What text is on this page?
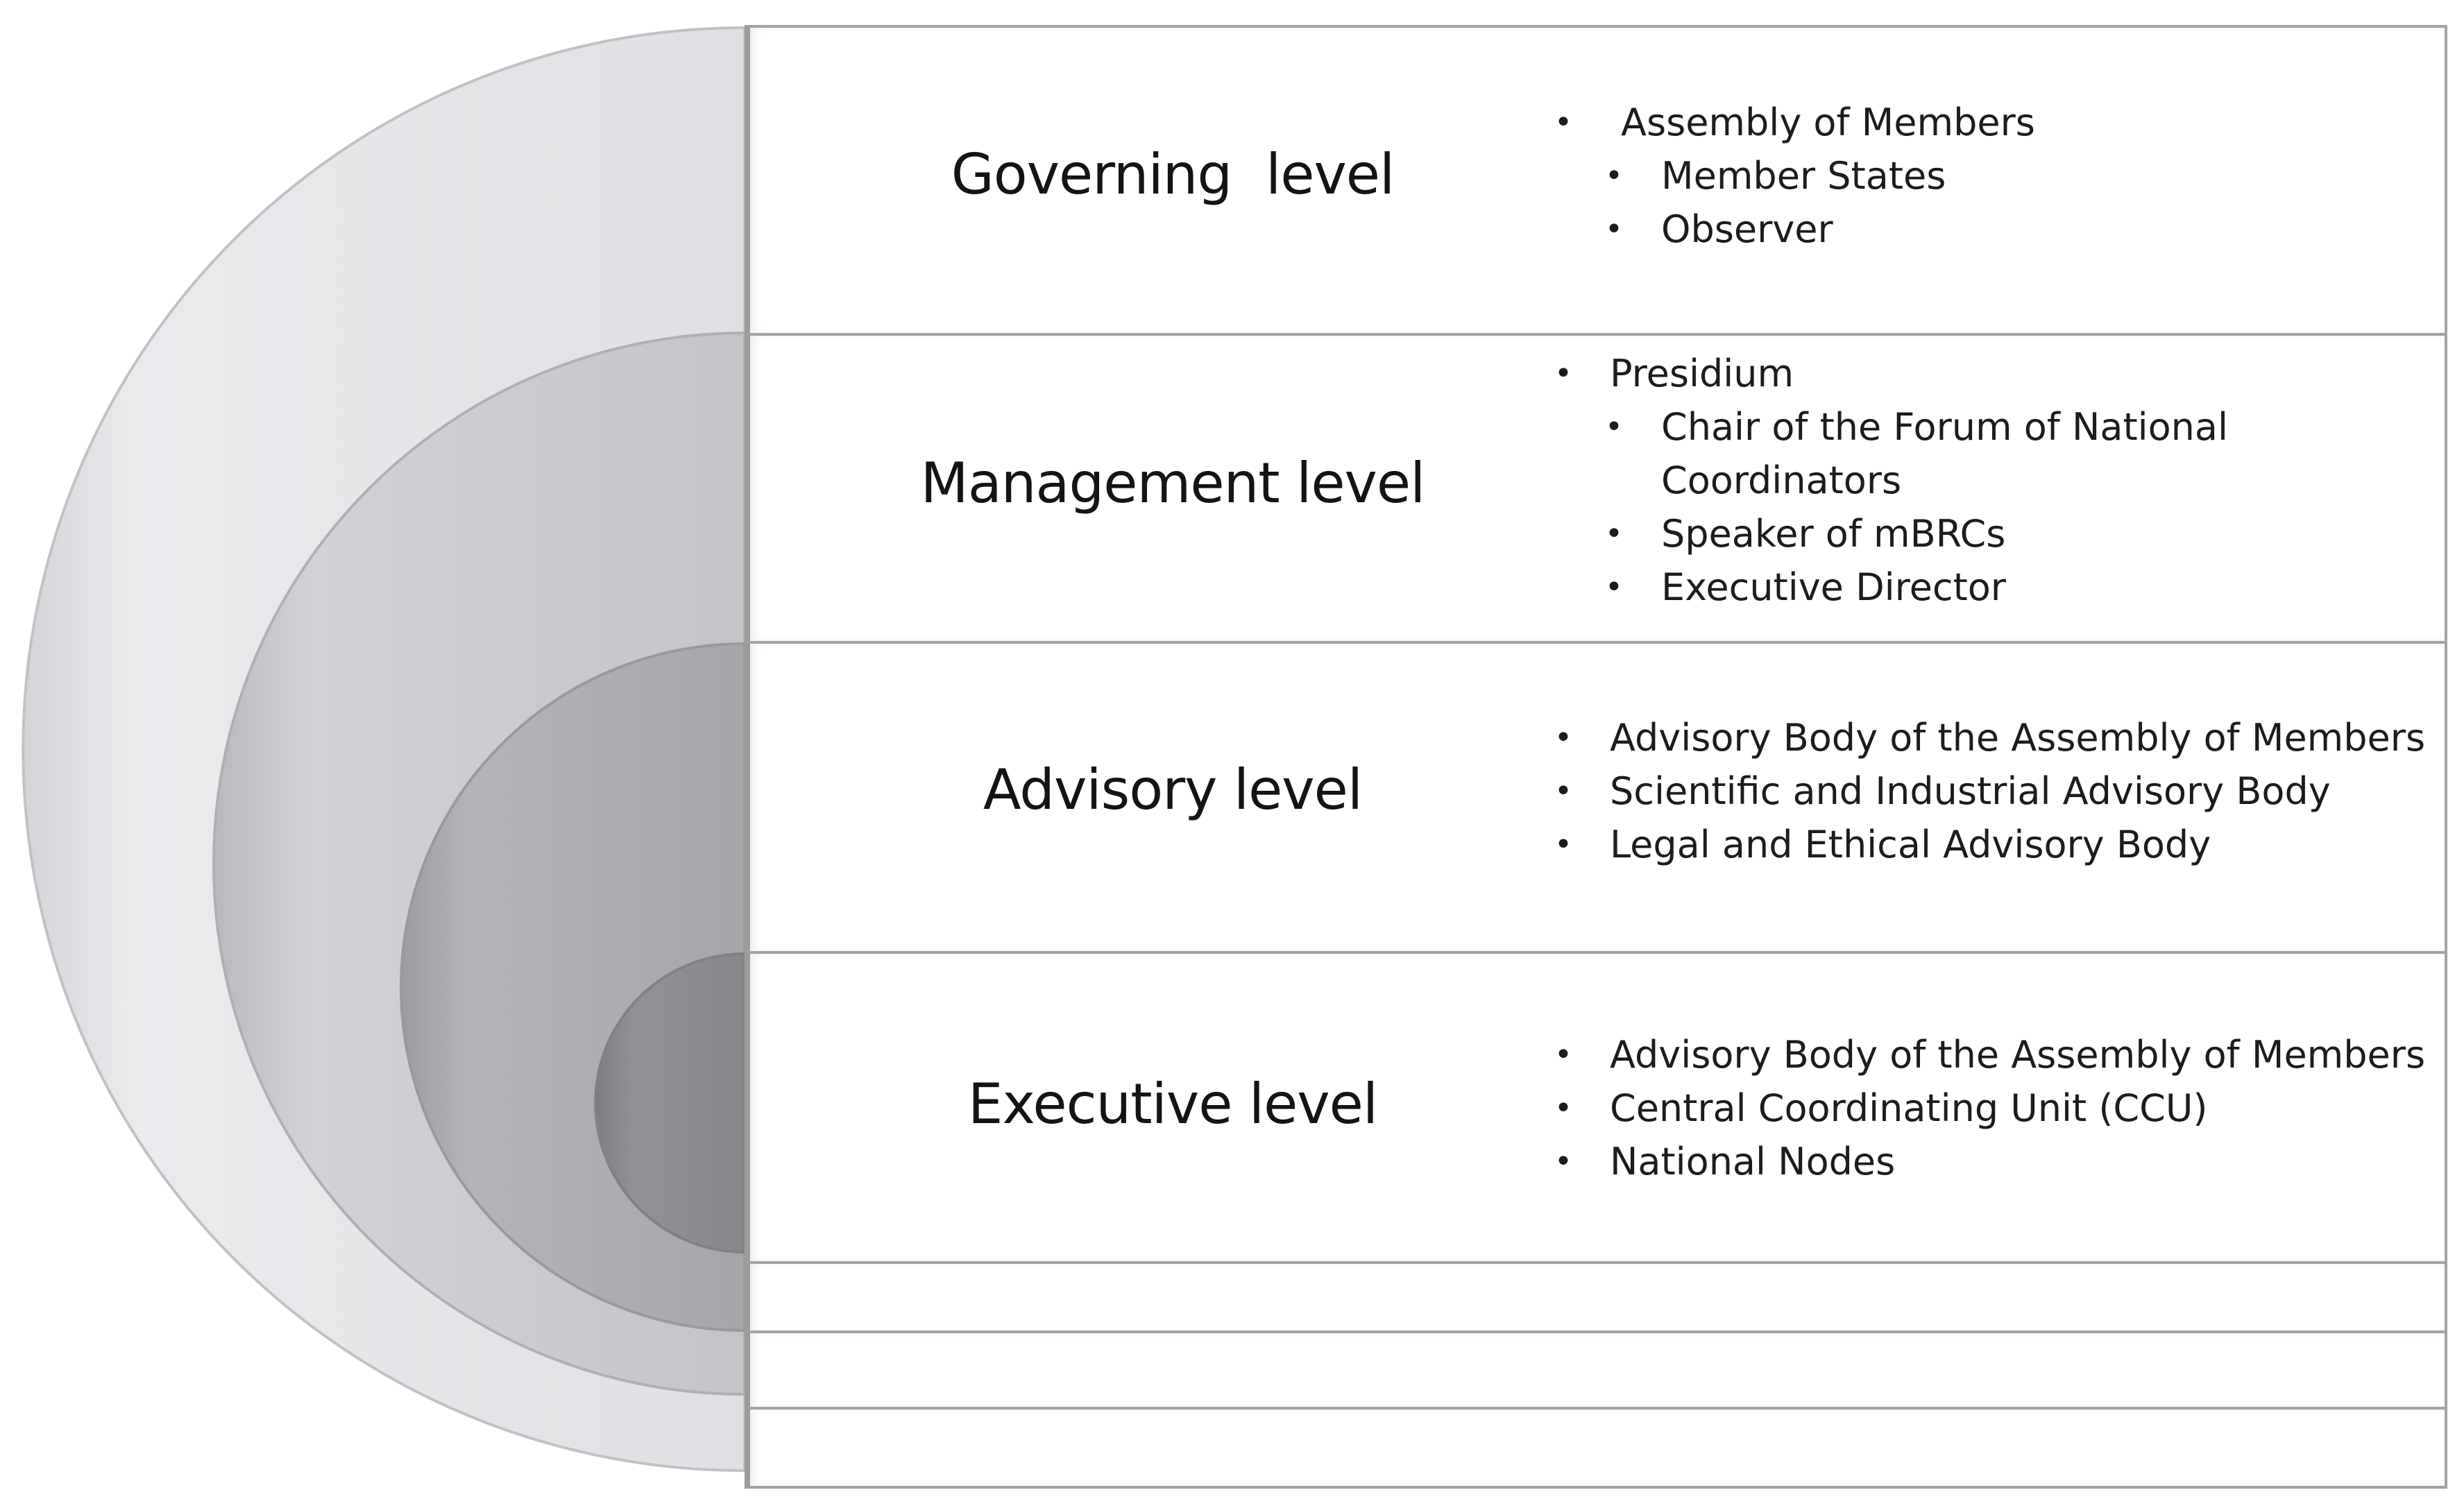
Governing  level
Management level
Advisory level
Executive level
• Assembly of Members
• Member States
• Observer
• Presidium
• Chair of the Forum of National
Coordinators
• Speaker of mBRCs
• Executive Director
• Advisory Body of the Assembly of Members
• Scientific and Industrial Advisory Body
• Legal and Ethical Advisory Body
• Advisory Body of the Assembly of Members
• Central Coordinating Unit (CCU)
• National Nodes
